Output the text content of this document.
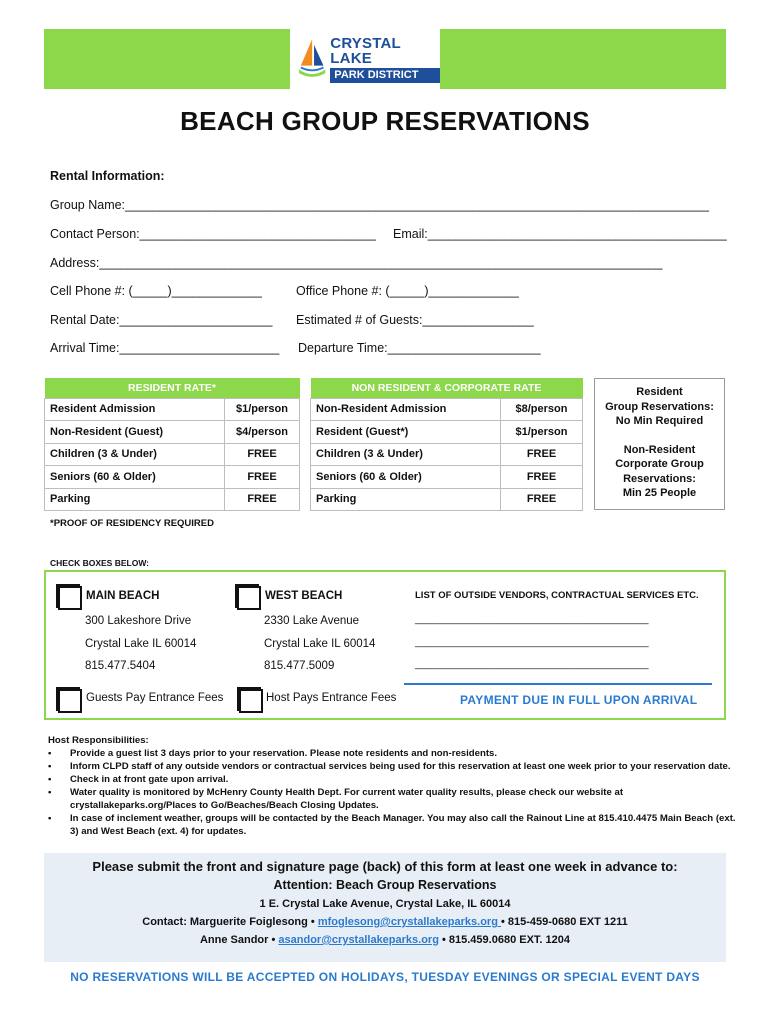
CRYSTAL LAKE
PARK DISTRICT
BEACH GROUP RESERVATIONS
Rental Information:
Group Name:____________________________________________________________________________________
Contact Person:__________________________________ Email:___________________________________________
Address:_________________________________________________________________________________
Cell Phone #: (_____)_____________	Office Phone #: (_____)_____________
Rental Date:______________________ Estimated # of Guests:________________
Arrival Time:_______________________ Departure Time:______________________
RESIDENT RATE*	
Resident Admission	$1/person
Non-Resident (Guest)	$4/person
Children (3 & Under)	FREE
Seniors (60 & Older)	FREE
Parking	FREE
NON RESIDENT & CORPORATE RATE	
Non-Resident Admission	$8/person
Resident (Guest*)	$1/person
Children (3 & Under)	FREE
Seniors (60 & Older)	FREE
Parking	FREE
Resident
Group Reservations:
No Min Required
Non-Resident
Corporate Group
Reservations:
Min 25 People
*PROOF OF RESIDENCY REQUIRED
CHECK BOXES BELOW:
MAIN BEACH
300 Lakeshore Drive
Crystal Lake IL 60014
815.477.5404
WEST BEACH
2330 Lake Avenue
Crystal Lake IL 60014
815.477.5009
LIST OF OUTSIDE VENDORS, CONTRACTUAL SERVICES ETC.
__________________________________________
__________________________________________
__________________________________________
Guests Pay Entrance Fees	Host Pays Entrance Fees	PAYMENT DUE IN FULL UPON ARRIVAL
Host Responsibilities:
• Provide a guest list 3 days prior to your reservation. Please note residents and non-residents.
• Inform CLPD staff of any outside vendors or contractual services being used for this reservation at least one week prior to your reservation date.
• Check in at front gate upon arrival.
• Water quality is monitored by McHenry County Health Dept. For current water quality results, please check our website at crystallakeparks.org/Places to Go/Beaches/Beach Closing Updates.
• In case of inclement weather, groups will be contacted by the Beach Manager. You may also call the Rainout Line at 815.410.4475 Main Beach (ext. 3) and West Beach (ext. 4) for updates.
Please submit the front and signature page (back) of this form at least one week in advance to:
Attention: Beach Group Reservations
1 E. Crystal Lake Avenue, Crystal Lake, IL 60014
Contact: Marguerite Foiglesong • mfoglesong@crystallakeparks.org • 815-459-0680 EXT 1211
Anne Sandor • asandor@crystallakeparks.org • 815.459.0680 EXT. 1204
NO RESERVATIONS WILL BE ACCEPTED ON HOLIDAYS, TUESDAY EVENINGS OR SPECIAL EVENT DAYS
